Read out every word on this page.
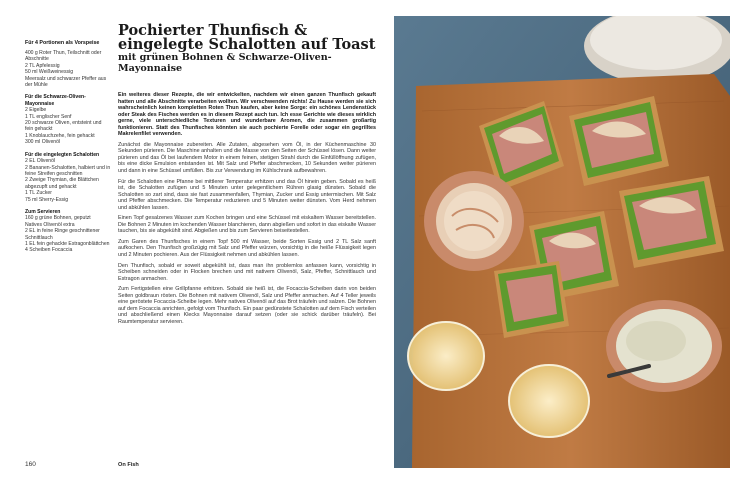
Für 4 Portionen als Vorspeise
400 g Roter Thun, Teilschnitt oder Abschnitte
2 TL Apfelessig
50 ml Weißweinessig
Meersalz und schwarzer Pfeffer aus der Mühle
Für die Schwarze-Oliven-Mayonnaise
2 Eigelbe
1 TL englischer Senf
20 schwarze Oliven, entsteint und fein gehackt
1 Knoblauchzehe, fein gehackt
300 ml Olivenöl
Für die eingelegten Schalotten
2 EL Olivenöl
2 Bananen-Schalotten, halbiert und in feine Streifen geschnitten
2 Zweige Thymian, die Blättchen abgezupft und gehackt
1 TL Zucker
75 ml Sherry-Essig
Zum Servieren
160 g grüne Bohnen, geputzt
Natives Olivenöl extra
2 EL in feine Ringe geschnittener Schnittlauch
1 EL fein gehackte Estragonblättchen
4 Scheiben Focaccia
Pochierter Thunfisch & eingelegte Schalotten auf Toast
mit grünen Bohnen & Schwarze-Oliven-Mayonnaise

Ein weiteres dieser Rezepte, die wir entwickelten, nachdem wir einen ganzen Thunfisch gekauft hatten und alle Abschnitte verarbeiten wollten. Wir verschwenden nichts! Zu Hause werden sie sich wahrscheinlich keinen kompletten Roten Thun kaufen, aber keine Sorge: ein schönes Lendenstück oder Steak des Fisches werden es in diesem Rezept auch tun. Ich esse Gerichte wie dieses wirklich gerne, viele unterschiedliche Texturen und wunderbare Aromen, die zusammen großartig funktionieren. Statt des Thunfisches könnten sie auch pochierte Forelle oder sogar ein gegrilltes Makrelenfilet verwenden.

Zunächst die Mayonnaise zubereiten. Alle Zutaten, abgesehen vom Öl, in der Küchenmaschine 30 Sekunden pürieren. Die Maschine anhalten und die Masse von den Seiten der Schüssel lösen. Dann weiter pürieren und das Öl bei laufendem Motor in einem feinen, stetigen Strahl durch die Einfüllöffnung zufügen, bis eine dicke Emulsion entstanden ist. Mit Salz und Pfeffer abschmecken, 10 Sekunden weiter pürieren und dann in eine Schüssel umfüllen. Bis zur Verwendung im Kühlschrank aufbewahren.

Für die Schalotten eine Pfanne bei mittlerer Temperatur erhitzen und das Öl hinein geben. Sobald es heiß ist, die Schalotten zufügen und 5 Minuten unter gelegentlichem Rühren glasig dünsten. Sobald die Schalotten so zart sind, dass sie fast zusammenfallen, Thymian, Zucker und Essig untermischen. Mit Salz und Pfeffer abschmecken. Die Temperatur reduzieren und 5 Minuten weiter dünsten. Vom Herd nehmen und abkühlen lassen.

Einen Topf gesalzenes Wasser zum Kochen bringen und eine Schüssel mit eiskaltem Wasser bereitstellen. Die Bohnen 2 Minuten im kochenden Wasser blanchieren, dann abgießen und sofort in das eiskalte Wasser tauchen, bis sie abgekühlt sind. Abgießen und bis zum Servieren beiseitestellen.

Zum Garen des Thunfisches in einem Topf 500 ml Wasser, beide Sorten Essig und 2 TL Salz sanft aufkochen. Den Thunfisch großzügig mit Salz und Pfeffer würzen, vorsichtig in die heiße Flüssigkeit legen und 2 Minuten pochieren. Aus der Flüssigkeit nehmen und abkühlen lassen.

Den Thunfisch, sobald er soweit abgekühlt ist, dass man ihn problemlos anfassen kann, vorsichtig in Scheiben schneiden oder in Flocken brechen und mit nativem Olivenöl, Salz, Pfeffer, Schnittlauch und Estragon anmachen.

Zum Fertigstellen eine Grillpfanne erhitzen. Sobald sie heiß ist, die Focaccia-Scheiben darin von beiden Seiten goldbraun rösten. Die Bohnen mit nativem Olivenöl, Salz und Pfeffer anmachen. Auf 4 Teller jeweils eine geröstete Focaccia-Scheibe legen. Mehr natives Olivenöl auf das Brot träufeln und salzen. Die Bohnen auf dem Focaccia anrichten, gefolgt vom Thunfisch. Ein paar gedünstete Schalotten auf dem Fisch verteilen und abschließend einen Klecks Mayonnaise darauf setzen (oder sie schick darüber träufeln). Bei Raumtemperatur servieren.

160	On Fish
